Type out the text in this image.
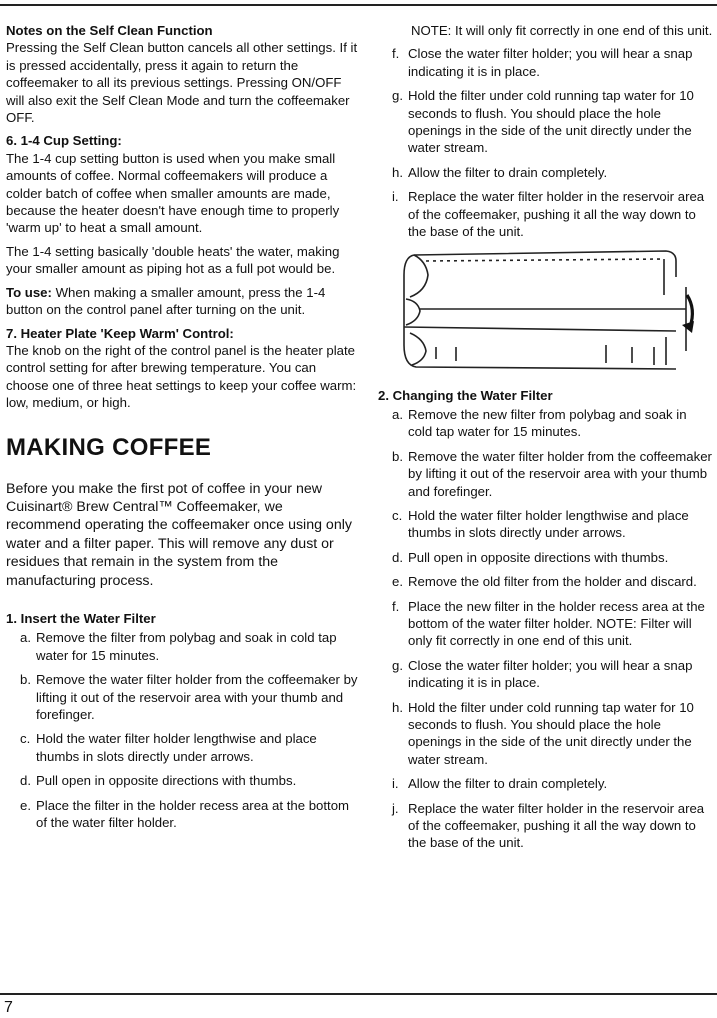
Notes on the Self Clean Function
Pressing the Self Clean button cancels all other settings. If it is pressed accidentally, press it again to return the coffeemaker to all its previous settings. Pressing ON/OFF will also exit the Self Clean Mode and turn the coffeemaker OFF.
6. 1-4 Cup Setting:
The 1-4 cup setting button is used when you make small amounts of coffee. Normal coffeemakers will produce a colder batch of coffee when smaller amounts are made, because the heater doesn't have enough time to properly 'warm up' to heat a small amount.
The 1-4 setting basically 'double heats' the water, making your smaller amount as piping hot as a full pot would be.
To use: When making a smaller amount, press the 1-4 button on the control panel after turning on the unit.
7. Heater Plate 'Keep Warm' Control:
The knob on the right of the control panel is the heater plate control setting for after brewing temperature. You can choose one of three heat settings to keep your coffee warm: low, medium, or high.
MAKING COFFEE
Before you make the first pot of coffee in your new Cuisinart® Brew Central™ Coffeemaker, we recommend operating the coffeemaker once using only water and a filter paper. This will remove any dust or residues that remain in the system from the manufacturing process.
1. Insert the Water Filter
a. Remove the filter from polybag and soak in cold tap water for 15 minutes.
b. Remove the water filter holder from the coffeemaker by lifting it out of the reservoir area with your thumb and forefinger.
c. Hold the water filter holder lengthwise and place thumbs in slots directly under arrows.
d. Pull open in opposite directions with thumbs.
e. Place the filter in the holder recess area at the bottom of the water filter holder.
NOTE: It will only fit correctly in one end of this unit.
f. Close the water filter holder; you will hear a snap indicating it is in place.
g. Hold the filter under cold running tap water for 10 seconds to flush. You should place the hole openings in the side of the unit directly under the water stream.
h. Allow the filter to drain completely.
i. Replace the water filter holder in the reservoir area of the coffeemaker, pushing it all the way down to the base of the unit.
2. Changing the Water Filter
a. Remove the new filter from polybag and soak in cold tap water for 15 minutes.
b. Remove the water filter holder from the coffeemaker by lifting it out of the reservoir area with your thumb and forefinger.
c. Hold the water filter holder lengthwise and place thumbs in slots directly under arrows.
d. Pull open in opposite directions with thumbs.
e. Remove the old filter from the holder and discard.
f. Place the new filter in the holder recess area at the bottom of the water filter holder. NOTE: Filter will only fit correctly in one end of this unit.
g. Close the water filter holder; you will hear a snap indicating it is in place.
h. Hold the filter under cold running tap water for 10 seconds to flush. You should place the hole openings in the side of the unit directly under the water stream.
i. Allow the filter to drain completely.
j. Replace the water filter holder in the reservoir area of the coffeemaker, pushing it all the way down to the base of the unit.
7
